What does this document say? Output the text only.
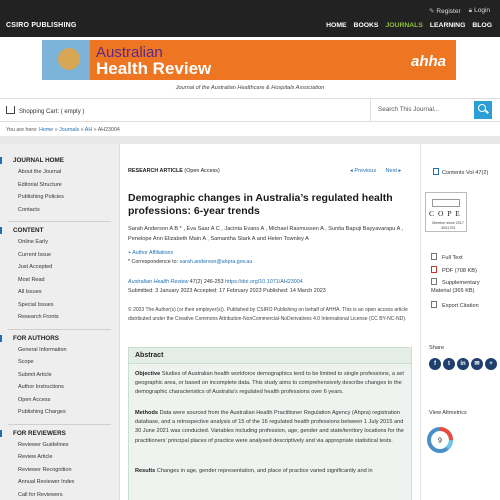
CSIRO PUBLISHING
✎ Register 🔒︎ Login
HOME BOOKS JOURNALS LEARNING BLOG
Australian
Health Review	ahha
Journal of the Australian Healthcare & Hospitals Association
Shopping Cart: ( empty )	Search This Journal...
You are here: Home » Journals » AH » AH23004
JOURNAL HOME
About the Journal
Editorial Structure
Publishing Policies
Contacts
CONTENT
Online Early
Current Issue
Just Accepted
Most Read
All Issues
Special Issues
Research Fronts
FOR AUTHORS
General Information
Scope
Submit Article
Author Instructions
Open Access
Publishing Charges
FOR REVIEWERS
Reviewer Guidelines
Review Article
Reviewer Recognition
Annual Reviewer Index
Call for Reviewers
RESEARCH ARTICLE (Open Access)	◂ Previous Next ▸
Demographic changes in Australia’s regulated health professions: 6-year trends
Sarah Anderson A B * , Eva Saar A C , Jacinta Evans A , Michael Rasmussen A , Sunita Bapuji Bayyavarapu A , Penelope Ann Elizabeth Main A , Samantha Stark A and Helen Townley A
+ Author Affiliations
* Correspondence to: sarah.anderson@ahpra.gov.au
Australian Health Review 47(2) 246-253 https://doi.org/10.1071/AH23004
Submitted: 3 January 2023 Accepted: 17 February 2023 Published: 14 March 2023
© 2023 The Author(s) (or their employer(s)). Published by CSIRO Publishing on behalf of AHHA. This is an open access article distributed under the Creative Commons Attribution-NonCommercial-NoDerivatives 4.0 International License (CC BY-NC-ND).
Abstract
Objective Studies of Australian health workforce demographics tend to be limited to single professions, a set geographic area, or based on incomplete data. This study aims to comprehensively describe changes to the demographic characteristics of Australia’s regulated health professions over 6 years.
Methods Data were sourced from the Australian Health Practitioner Regulation Agency (Ahpra) registration database, and a retrospective analysis of 15 of the 16 regulated health professions between 1 July 2015 and 30 June 2021 was conducted. Variables including profession, age, gender and state/territory locations for the practitioners’ principal places of practice were analysed descriptively and via appropriate statistical tests.
Results Changes in age, gender representation, and place of practice varied significantly and in
Contents Vol 47(2)
C O P E
Member since 2017 JM11703
Full Text
PDF (708 KB)
Supplementary Material (365 KB)
Export Citation
Share
f	t	in	✉	+
View Altmetrics
9
